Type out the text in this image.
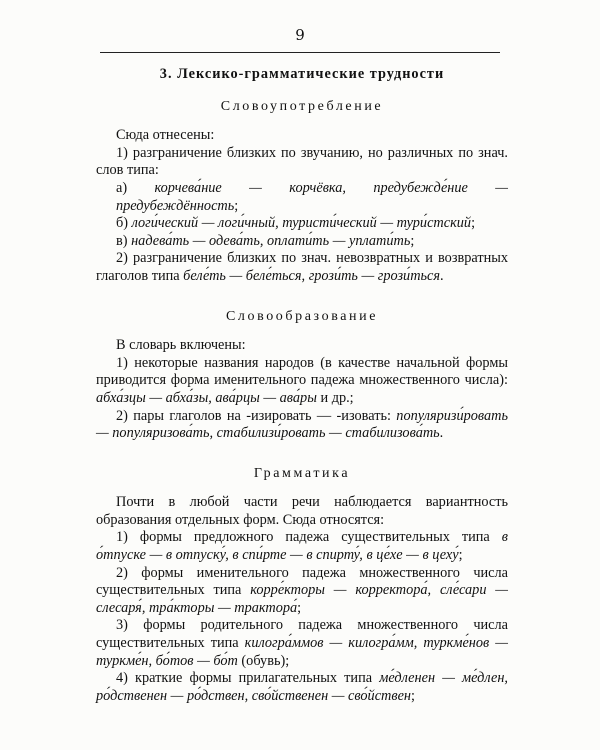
9
3. Лексико-грамматические трудности
Словоупотребление

Сюда отнесены:

1) разграничение близких по звучанию, но различных по знач. слов типа:

а) корчева́ние — корчёвка, предубежде́ние — предубеждённость;

б) логи́ческий — логи́чный, туристи́ческий — тури́стский;

в) надева́ть — одева́ть, оплати́ть — уплати́ть;

2) разграничение близких по знач. невозвратных и возвратных глаголов типа беле́ть — беле́ться, грози́ть — грози́ться.

Словообразование

В словарь включены:

1) некоторые названия народов (в качестве начальной формы приводится форма именительного падежа множественного числа): абха́зцы — абха́зы, ава́рцы — ава́ры и др.;

2) пары глаголов на -изировать — -изовать: популяризи́ровать — популяризова́ть, стабилизи́ровать — стабилизова́ть.

Грамматика

Почти в любой части речи наблюдается вариантность образования отдельных форм. Сюда относятся:

1) формы предложного падежа существительных типа в о́тпуске — в отпуску́, в спи́рте — в спирту́, в це́хе — в цеху́;

2) формы именительного падежа множественного числа существительных типа корре́кторы — корректора́, сле́сари — слесаря́, тра́кторы — трактора́;

3) формы родительного падежа множественного числа существительных типа килогра́ммов — килогра́мм, туркме́нов — туркме́н, бо́тов — бо́т (обувь);

4) краткие формы прилагательных типа ме́дленен — ме́длен, ро́дственен — ро́дствен, сво́йственен — сво́йствен;
